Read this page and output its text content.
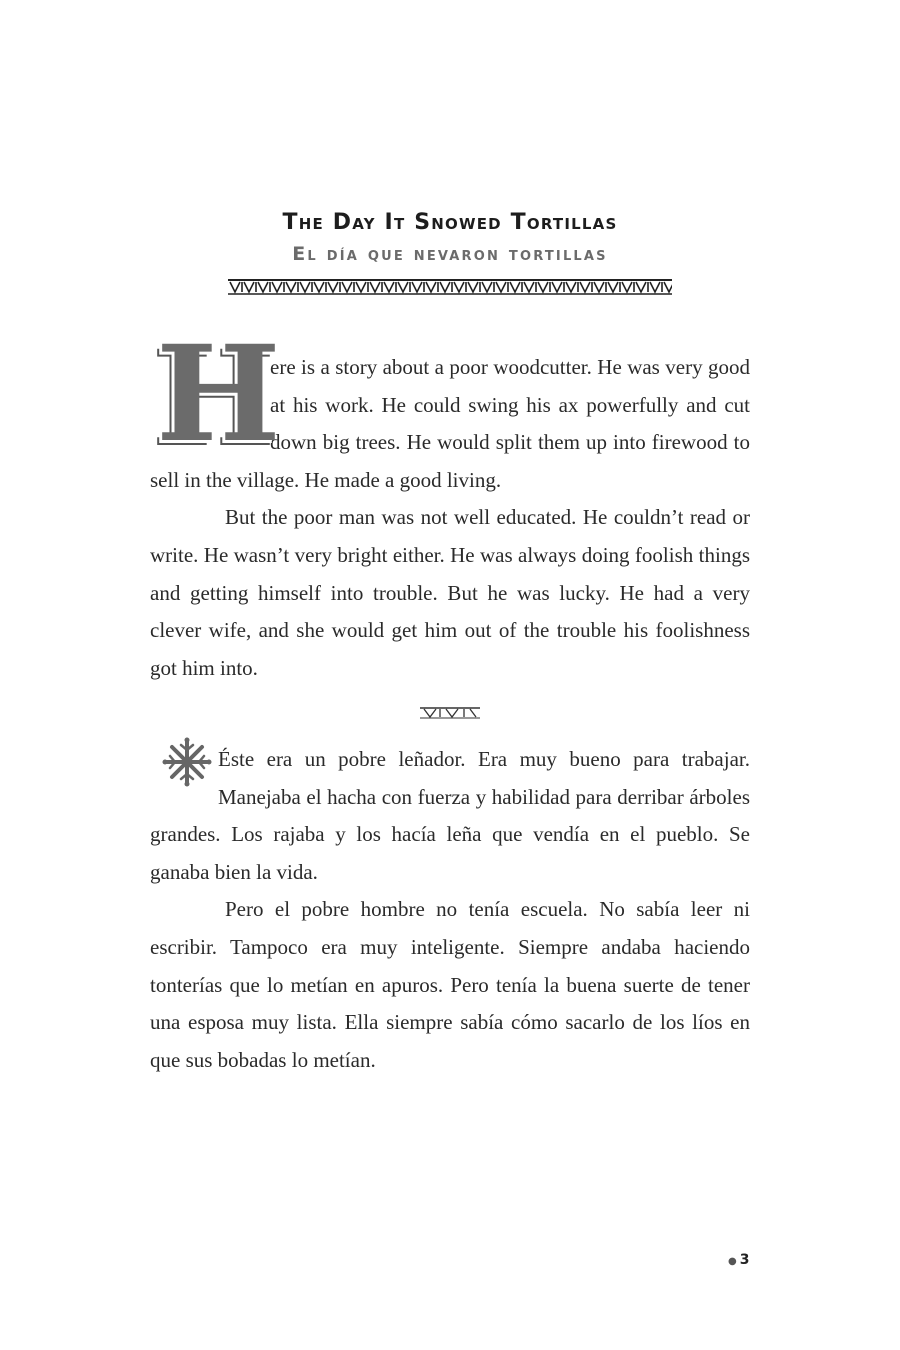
The Day It Snowed Tortillas
El día que nevaron tortillas

H
ere is a story about a poor woodcutter. He was very good at his work. He could swing his ax powerfully and cut down big trees. He would split them up into firewood to sell in the village. He made a good living.

But the poor man was not well educated. He couldn’t read or write. He wasn’t very bright either. He was always doing foolish things and getting himself into trouble. But he was lucky. He had a very clever wife, and she would get him out of the trouble his foolishness got him into.

Éste era un pobre leñador. Era muy bueno para trabajar. Manejaba el hacha con fuerza y habilidad para derribar árboles grandes. Los rajaba y los hacía leña que vendía en el pueblo. Se ganaba bien la vida.

Pero el pobre hombre no tenía escuela. No sabía leer ni escribir. Tampoco era muy inteligente. Siempre andaba haciendo tonterías que lo metían en apuros. Pero tenía la buena suerte de tener una esposa muy lista. Ella siempre sabía cómo sacarlo de los líos en que sus bobadas lo metían.

● 3
